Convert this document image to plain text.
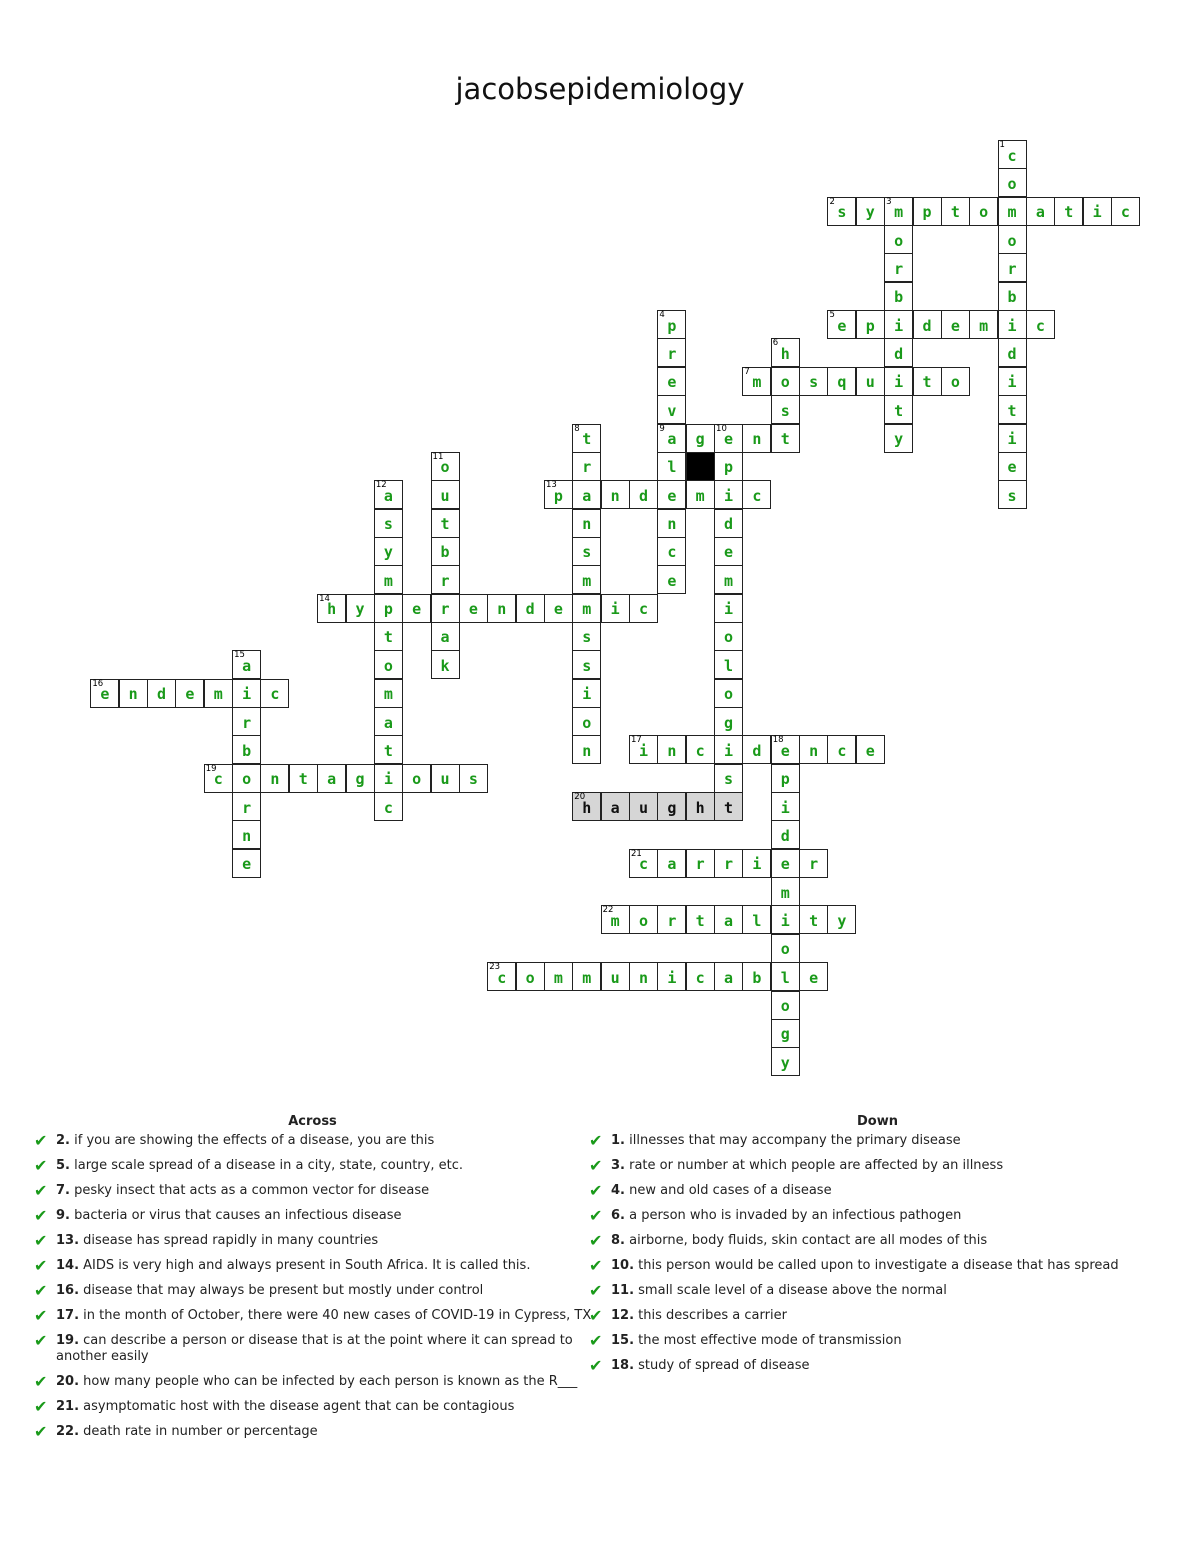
jacobsepidemiology
1
c
o
2
s y
3
m p t o m a t i c
o	o
r	r
b	b
4
p
5
e p i d e m i c
r
6
h	d	d
e
7
m o s q u i t o	i
v	s	t	t
8
t
9
a g
10
e n t	y	i
11
o	r	l	p	e
12
a	u
13
p a n d e m i c	s
s	t	n	n	d
y	b	s	c	e
m	r	m	e	m
14
h y p e r e n d e m i c	i
t	a	s	o
15
a	o	k	s	l
16
e n d e m i c	m	i	o
r	a	o	g
b	t	n
17
i n c i d
18
e n c e
19
c o n t a g i o u s	s	p
r	c
20
h a u g h t	i
n	d
e
21
c a r r i e r
m
22
m o r t a l i t y
o
23
c o m m u n i c a b l e
o
g
y
Across
✔ 2. if you are showing the effects of a disease, you are this
✔ 5. large scale spread of a disease in a city, state, country, etc.
✔ 7. pesky insect that acts as a common vector for disease
✔ 9. bacteria or virus that causes an infectious disease
✔ 13. disease has spread rapidly in many countries
✔ 14. AIDS is very high and always present in South Africa. It is called this.
✔ 16. disease that may always be present but mostly under control
✔ 17. in the month of October, there were 40 new cases of COVID-19 in Cypress, TX
✔ 19. can describe a person or disease that is at the point where it can spread to another easily
✔ 20. how many people who can be infected by each person is known as the R___
✔ 21. asymptomatic host with the disease agent that can be contagious
✔ 22. death rate in number or percentage
Down
✔ 1. illnesses that may accompany the primary disease
✔ 3. rate or number at which people are affected by an illness
✔ 4. new and old cases of a disease
✔ 6. a person who is invaded by an infectious pathogen
✔ 8. airborne, body fluids, skin contact are all modes of this
✔ 10. this person would be called upon to investigate a disease that has spread
✔ 11. small scale level of a disease above the normal
✔ 12. this describes a carrier
✔ 15. the most effective mode of transmission
✔ 18. study of spread of disease
